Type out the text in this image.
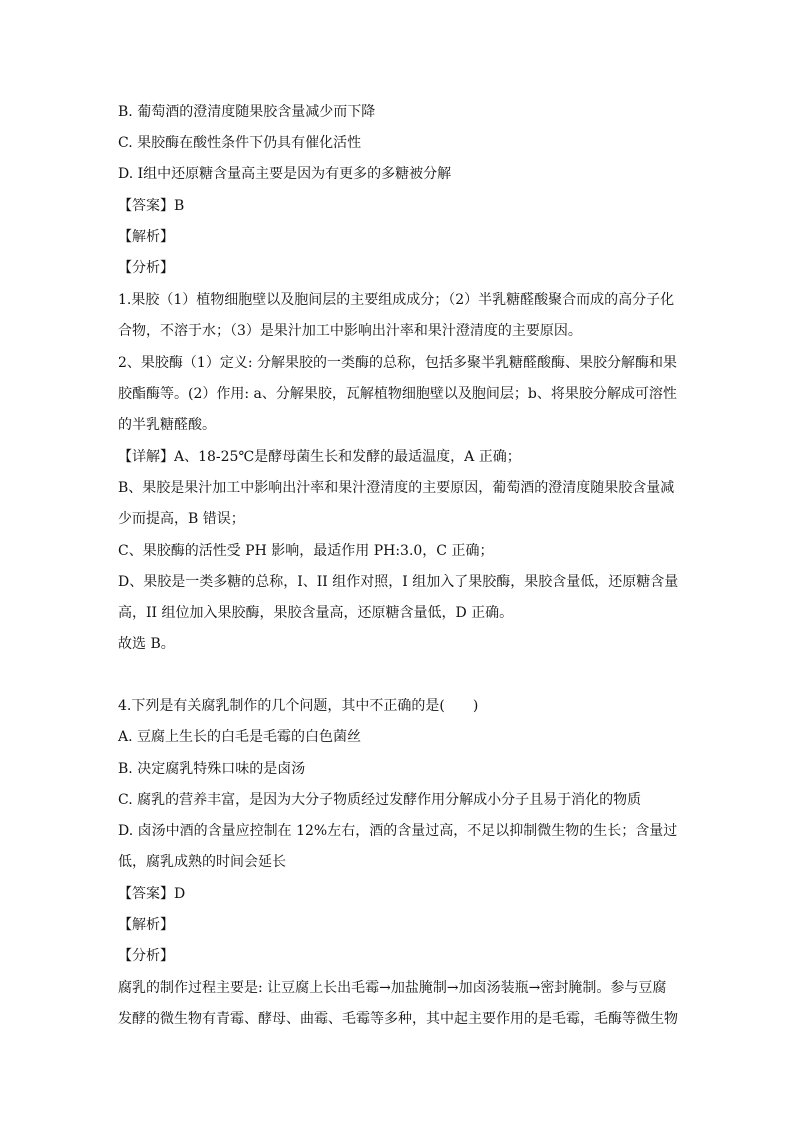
B. 葡萄酒的澄清度随果胶含量减少而下降
C. 果胶酶在酸性条件下仍具有催化活性
D. Ⅰ组中还原糖含量高主要是因为有更多的多糖被分解
【答案】B
【解析】
【分析】
1.果胶（1）植物细胞壁以及胞间层的主要组成成分；（2）半乳糖醛酸聚合而成的高分子化
合物，不溶于水；（3）是果汁加工中影响出汁率和果汁澄清度的主要原因。
2、果胶酶（1）定义: 分解果胶的一类酶的总称，包括多聚半乳糖醛酸酶、果胶分解酶和果
胶酯酶等。(2）作用: a、分解果胶，瓦解植物细胞壁以及胞间层；b、将果胶分解成可溶性
的半乳糖醛酸。
【详解】A、18-25℃是酵母菌生长和发酵的最适温度，A 正确；
B、果胶是果汁加工中影响出汁率和果汁澄清度的主要原因，葡萄酒的澄清度随果胶含量减
少而提高，B 错误；
C、果胶酶的活性受 PH 影响，最适作用 PH:3.0，C 正确；
D、果胶是一类多糖的总称，I、II 组作对照，I 组加入了果胶酶，果胶含量低，还原糖含量
高，II 组位加入果胶酶，果胶含量高，还原糖含量低，D 正确。
故选 B。
4.下列是有关腐乳制作的几个问题，其中不正确的是(　　)
A. 豆腐上生长的白毛是毛霉的白色菌丝
B. 决定腐乳特殊口味的是卤汤
C. 腐乳的营养丰富，是因为大分子物质经过发酵作用分解成小分子且易于消化的物质
D. 卤汤中酒的含量应控制在 12%左右，酒的含量过高，不足以抑制微生物的生长；含量过
低，腐乳成熟的时间会延长
【答案】D
【解析】
【分析】
腐乳的制作过程主要是: 让豆腐上长出毛霉→加盐腌制→加卤汤装瓶→密封腌制。参与豆腐
发酵的微生物有青霉、酵母、曲霉、毛霉等多种，其中起主要作用的是毛霉，毛酶等微生物
